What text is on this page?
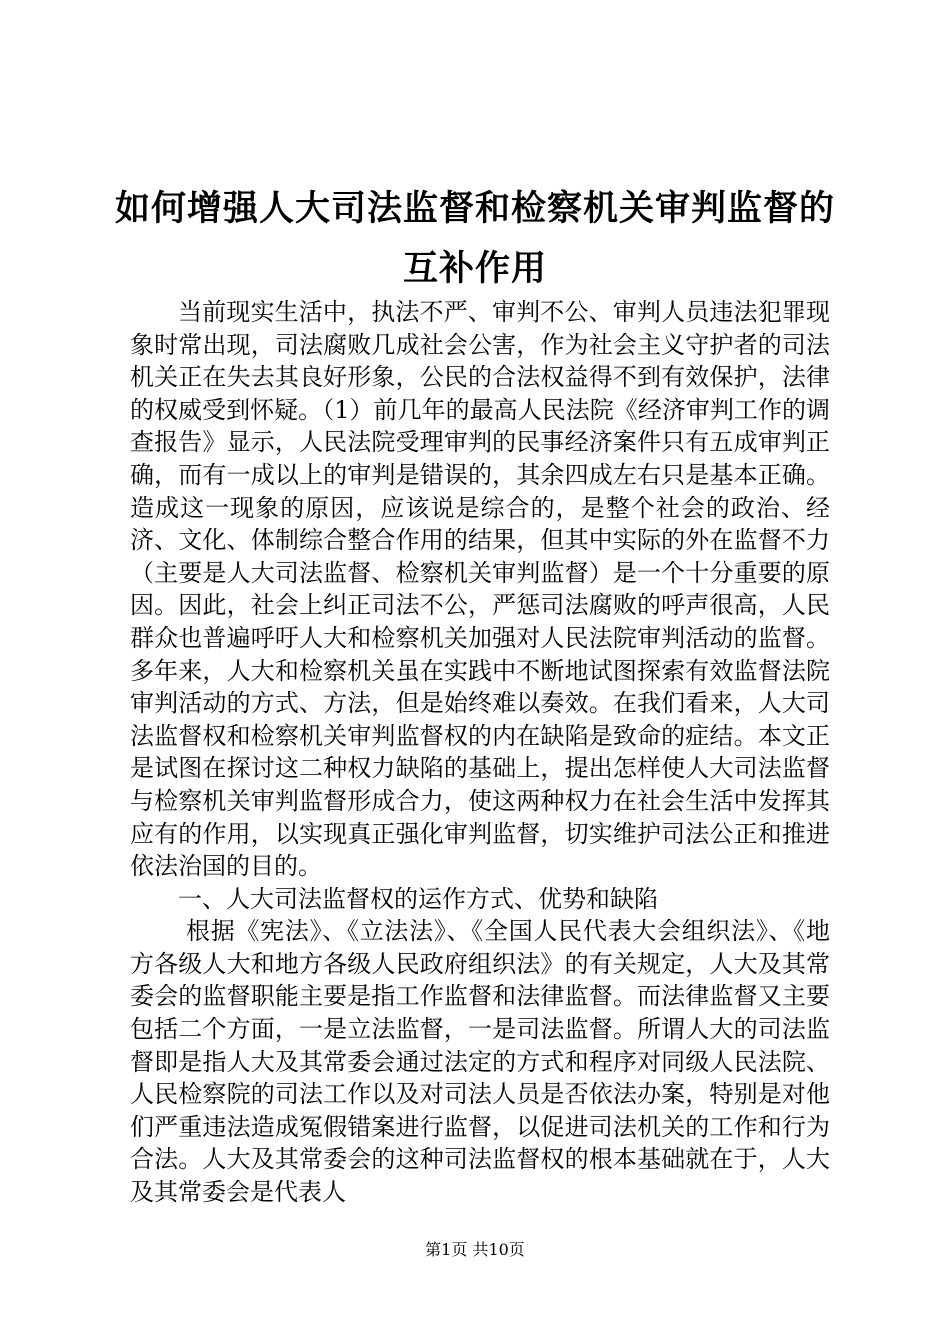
如何增强人大司法监督和检察机关审判监督的
互补作用

当前现实生活中，执法不严、审判不公、审判人员违法犯罪现象时常出现，司法腐败几成社会公害，作为社会主义守护者的司法机关正在失去其良好形象，公民的合法权益得不到有效保护，法律的权威受到怀疑。（1）前几年的最高人民法院《经济审判工作的调查报告》显示，人民法院受理审判的民事经济案件只有五成审判正确，而有一成以上的审判是错误的，其余四成左右只是基本正确。造成这一现象的原因，应该说是综合的，是整个社会的政治、经济、文化、体制综合整合作用的结果，但其中实际的外在监督不力（主要是人大司法监督、检察机关审判监督）是一个十分重要的原因。因此，社会上纠正司法不公，严惩司法腐败的呼声很高，人民群众也普遍呼吁人大和检察机关加强对人民法院审判活动的监督。多年来，人大和检察机关虽在实践中不断地试图探索有效监督法院审判活动的方式、方法，但是始终难以奏效。在我们看来，人大司法监督权和检察机关审判监督权的内在缺陷是致命的症结。本文正是试图在探讨这二种权力缺陷的基础上，提出怎样使人大司法监督与检察机关审判监督形成合力，使这两种权力在社会生活中发挥其应有的作用，以实现真正强化审判监督，切实维护司法公正和推进依法治国的目的。

一、人大司法监督权的运作方式、优势和缺陷

根据《宪法》、《立法法》、《全国人民代表大会组织法》、《地方各级人大和地方各级人民政府组织法》的有关规定，人大及其常委会的监督职能主要是指工作监督和法律监督。而法律监督又主要包括二个方面，一是立法监督，一是司法监督。所谓人大的司法监督即是指人大及其常委会通过法定的方式和程序对同级人民法院、人民检察院的司法工作以及对司法人员是否依法办案，特别是对他们严重违法造成冤假错案进行监督，以促进司法机关的工作和行为合法。人大及其常委会的这种司法监督权的根本基础就在于，人大及其常委会是代表人

第1页 共10页
